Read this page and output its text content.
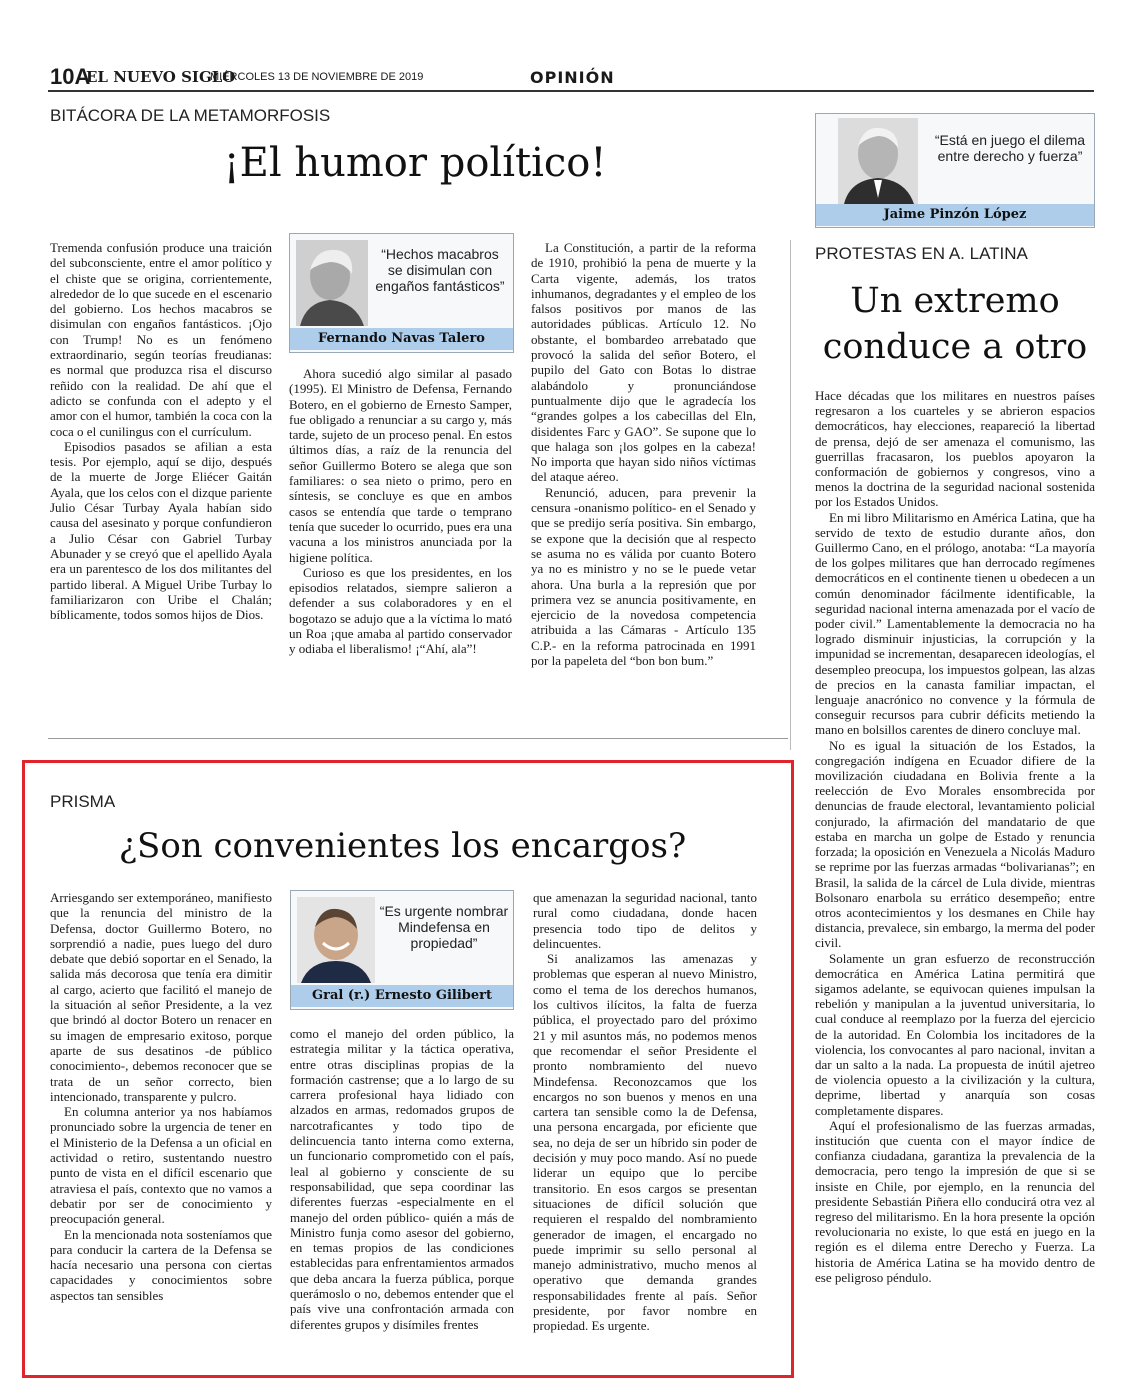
10A
EL NUEVO SIGLO
MIÉRCOLES 13 DE NOVIEMBRE DE 2019	OPINIÓN
BITÁCORA DE LA METAMORFOSIS
¡El humor político!

Tremenda confusión produce una traición del subconsciente, entre el amor político y el chiste que se origina, corrientemente, alrededor de lo que sucede en el escenario del gobierno. Los hechos macabros se disimulan con engaños fantásticos. ¡Ojo con Trump! No es un fenómeno extraordinario, según teorías freudianas: es normal que produzca risa el discurso reñido con la realidad. De ahí que el adicto se confunda con el adepto y el amor con el humor, también la coca con la coca o el cunilingus con el currículum.

Episodios pasados se afilian a esta tesis. Por ejemplo, aquí se dijo, después de la muerte de Jorge Eliécer Gaitán Ayala, que los celos con el dizque pariente Julio César Turbay Ayala habían sido causa del asesinato y porque confundieron a Julio César con Gabriel Turbay Abunader y se creyó que el apellido Ayala era un parentesco de los dos militantes del partido liberal. A Miguel Uribe Turbay lo familiarizaron con Uribe el Chalán; bíblicamente, todos somos hijos de Dios.

“Hechos macabros se disimulan con engaños fantásticos”
Fernando Navas Talero

Ahora sucedió algo similar al pasado (1995). El Ministro de Defensa, Fernando Botero, en el gobierno de Ernesto Samper, fue obligado a renunciar a su cargo y, más tarde, sujeto de un proceso penal. En estos últimos días, a raíz de la renuncia del señor Guillermo Botero se alega que son familiares: o sea nieto o primo, pero en síntesis, se concluye es que en ambos casos se entendía que tarde o temprano tenía que suceder lo ocurrido, pues era una vacuna a los ministros anunciada por la higiene política.

Curioso es que los presidentes, en los episodios relatados, siempre salieron a defender a sus colaboradores y en el bogotazo se adujo que a la víctima lo mató un Roa ¡que amaba al partido conservador y odiaba el liberalismo! ¡“Ahí, ala”!

La Constitución, a partir de la reforma de 1910, prohibió la pena de muerte y la Carta vigente, además, los tratos inhumanos, degradantes y el empleo de los falsos positivos por manos de las autoridades públicas. Artículo 12. No obstante, el bombardeo arrebatado que provocó la salida del señor Botero, el pupilo del Gato con Botas lo distrae alabándolo y pronunciándose puntualmente dijo que le agradecía los “grandes golpes a los cabecillas del Eln, disidentes Farc y GAO”. Se supone que lo que halaga son ¡los golpes en la cabeza! No importa que hayan sido niños víctimas del ataque aéreo.

Renunció, aducen, para prevenir la censura -onanismo político- en el Senado y que se predijo sería positiva. Sin embargo, se expone que la decisión que al respecto se asuma no es válida por cuanto Botero ya no es ministro y no se le puede vetar ahora. Una burla a la represión que por primera vez se anuncia positivamente, en ejercicio de la novedosa competencia atribuida a las Cámaras - Artículo 135 C.P.- en la reforma patrocinada en 1991 por la papeleta del “bon bon bum.”

“Está en juego el dilema entre derecho y fuerza”
Jaime Pinzón López
PROTESTAS EN A. LATINA
Un extremo
conduce a otro

Hace décadas que los militares en nuestros países regresaron a los cuarteles y se abrieron espacios democráticos, hay elecciones, reapareció la libertad de prensa, dejó de ser amenaza el comunismo, las guerrillas fracasaron, los pueblos apoyaron la conformación de gobiernos y congresos, vino a menos la doctrina de la seguridad nacional sostenida por los Estados Unidos.

En mi libro Militarismo en América Latina, que ha servido de texto de estudio durante años, don Guillermo Cano, en el prólogo, anotaba: “La mayoría de los golpes militares que han derrocado regímenes democráticos en el continente tienen u obedecen a un común denominador fácilmente identificable, la seguridad nacional interna amenazada por el vacío de poder civil.” Lamentablemente la democracia no ha logrado disminuir injusticias, la corrupción y la impunidad se incrementan, desaparecen ideologías, el desempleo preocupa, los impuestos golpean, las alzas de precios en la canasta familiar impactan, el lenguaje anacrónico no convence y la fórmula de conseguir recursos para cubrir déficits metiendo la mano en bolsillos carentes de dinero concluye mal.

No es igual la situación de los Estados, la congregación indígena en Ecuador difiere de la movilización ciudadana en Bolivia frente a la reelección de Evo Morales ensombrecida por denuncias de fraude electoral, levantamiento policial conjurado, la afirmación del mandatario de que estaba en marcha un golpe de Estado y renuncia forzada; la oposición en Venezuela a Nicolás Maduro se reprime por las fuerzas armadas “bolivarianas”; en Brasil, la salida de la cárcel de Lula divide, mientras Bolsonaro enarbola su errático desempeño; entre otros acontecimientos y los desmanes en Chile hay distancia, prevalece, sin embargo, la merma del poder civil.

Solamente un gran esfuerzo de reconstrucción democrática en América Latina permitirá que sigamos adelante, se equivocan quienes impulsan la rebelión y manipulan a la juventud universitaria, lo cual conduce al reemplazo por la fuerza del ejercicio de la autoridad. En Colombia los incitadores de la violencia, los convocantes al paro nacional, invitan a dar un salto a la nada. La propuesta de inútil ajetreo de violencia opuesto a la civilización y la cultura, deprime, libertad y anarquía son cosas completamente dispares.

Aquí el profesionalismo de las fuerzas armadas, institución que cuenta con el mayor índice de confianza ciudadana, garantiza la prevalencia de la democracia, pero tengo la impresión de que si se insiste en Chile, por ejemplo, en la renuncia del presidente Sebastián Piñera ello conducirá otra vez al regreso del militarismo. En la hora presente la opción revolucionaria no existe, lo que está en juego en la región es el dilema entre Derecho y Fuerza. La historia de América Latina se ha movido dentro de ese peligroso péndulo.

PRISMA
¿Son convenientes los encargos?

Arriesgando ser extemporáneo, manifiesto que la renuncia del ministro de la Defensa, doctor Guillermo Botero, no sorprendió a nadie, pues luego del duro debate que debió soportar en el Senado, la salida más decorosa que tenía era dimitir al cargo, acierto que facilitó el manejo de la situación al señor Presidente, a la vez que brindó al doctor Botero un renacer en su imagen de empresario exitoso, porque aparte de sus desatinos -de público conocimiento-, debemos reconocer que se trata de un señor correcto, bien intencionado, transparente y pulcro.

En columna anterior ya nos habíamos pronunciado sobre la urgencia de tener en el Ministerio de la Defensa a un oficial en actividad o retiro, sustentando nuestro punto de vista en el difícil escenario que atraviesa el país, contexto que no vamos a debatir por ser de conocimiento y preocupación general.

En la mencionada nota sosteníamos que para conducir la cartera de la Defensa se hacía necesario una persona con ciertas capacidades y conocimientos sobre aspectos tan sensibles

“Es urgente nombrar Mindefensa en propiedad”
Gral (r.) Ernesto Gilibert

como el manejo del orden público, la estrategia militar y la táctica operativa, entre otras disciplinas propias de la formación castrense; que a lo largo de su carrera profesional haya lidiado con alzados en armas, redomados grupos de narcotraficantes y todo tipo de delincuencia tanto interna como externa, un funcionario comprometido con el país, leal al gobierno y consciente de su responsabilidad, que sepa coordinar las diferentes fuerzas -especialmente en el manejo del orden público- quién a más de Ministro funja como asesor del gobierno, en temas propios de las condiciones establecidas para enfrentamientos armados que deba ancara la fuerza pública, porque querámoslo o no, debemos entender que el país vive una confrontación armada con diferentes grupos y disímiles frentes

que amenazan la seguridad nacional, tanto rural como ciudadana, donde hacen presencia todo tipo de delitos y delincuentes.

Si analizamos las amenazas y problemas que esperan al nuevo Ministro, como el tema de los derechos humanos, los cultivos ilícitos, la falta de fuerza pública, el proyectado paro del próximo 21 y mil asuntos más, no podemos menos que recomendar el señor Presidente el pronto nombramiento del nuevo Mindefensa. Reconozcamos que los encargos no son buenos y menos en una cartera tan sensible como la de Defensa, una persona encargada, por eficiente que sea, no deja de ser un híbrido sin poder de decisión y muy poco mando. Así no puede liderar un equipo que lo percibe transitorio. En esos cargos se presentan situaciones de difícil solución que requieren el respaldo del nombramiento generador de imagen, el encargado no puede imprimir su sello personal al manejo administrativo, mucho menos al operativo que demanda grandes responsabilidades frente al país. Señor presidente, por favor nombre en propiedad. Es urgente.
